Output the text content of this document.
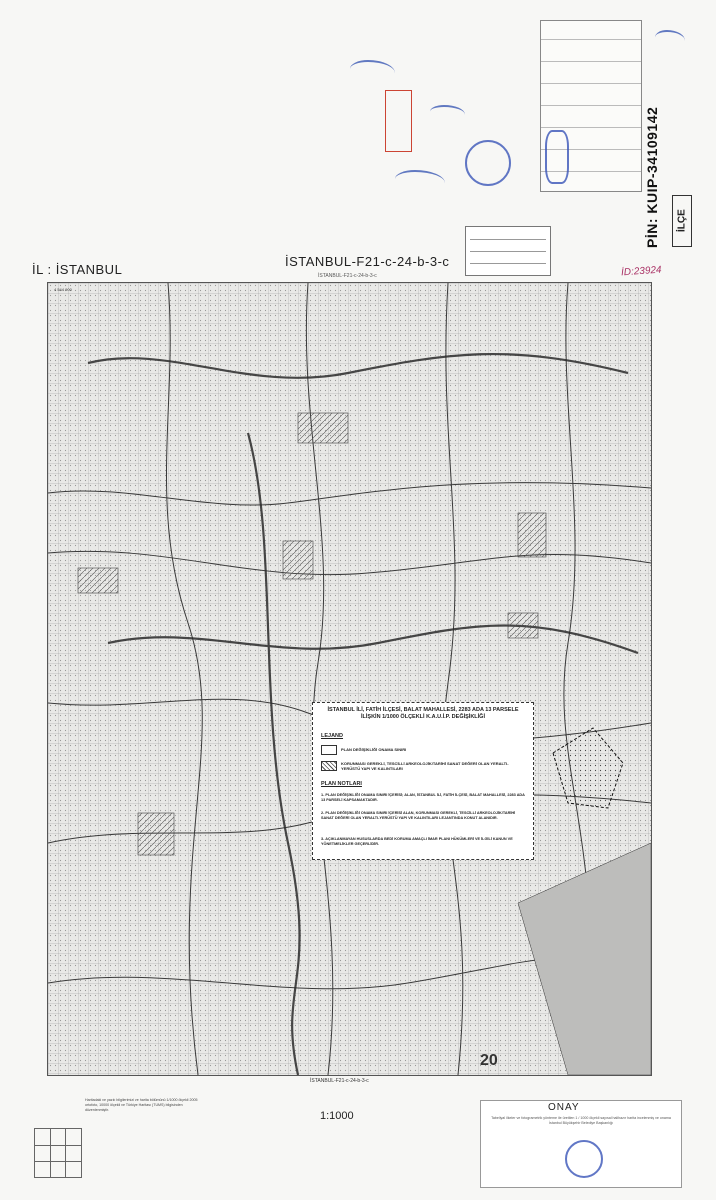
PİN: KUIP-34109142	İLÇE
İL : İSTANBUL
İSTANBUL-F21-c-24-b-3-c
İSTANBUL-F21-c-24-b-3-c	İD:23924
4 544 900
İSTANBUL İLİ, FATİH İLÇESİ, BALAT MAHALLESİ, 2283 ADA 13 PARSELE İLİŞKİN 1/1000 ÖLÇEKLİ K.A.U.İ.P. DEĞİŞİKLİĞİ
LEJAND
PLAN DEĞİŞİKLİĞİ ONAMA SINIRI
KORUNMASI GEREKLİ, TESCİLLİ ARKEOLOJİK/TARİHİ SANAT DEĞERİ OLAN YERALTI-YERÜSTÜ YAPI VE KALINTILARI
PLAN NOTLARI
1- PLAN DEĞİŞİKLİĞİ ONAMA SINIRI İÇERİSİ; ALAN, İSTANBUL İLİ, FATİH İLÇESİ, BALAT MAHALLESİ, 2283 ADA 13 PARSELİ KAPSAMAKTADIR.
2- PLAN DEĞİŞİKLİĞİ ONAMA SINIRI İÇERİSİ ALAN, KORUNMASI GEREKLİ, TESCİLLİ ARKEOLOJİK/TARİHİ SANAT DEĞERİ OLAN YERALTI-YERÜSTÜ YAPI VE KALINTILARI LEJANTINDA KONUT ALANIDIR.
3- AÇIKLANMAYAN HUSUSLARDA BEDİ KORUMA AMAÇLI İMAR PLANI HÜKÜMLERİ VE İLGİLİ KANUN VE YÖNETMELİKLER GEÇERLİDİR.
İSTANBUL-F21-c-24-b-3-c
1:1000
Haritadaki ve yazılı bilgilerimizi ve harita bölümünü 1/1000 ölçekli 2005 ortofoto, 10000 ölçekli ve Türkiye Haritası (TUMS) bilgisinden düzenlenmiştir.	ONAY
Tabeliyal ilkeler ve fotogrametrik yönteme ile üretilen 1 / 1000 ölçekli sayısal halihazır harita incelenmiş ve onama İstanbul Büyükşehir Belediye Başkanlığı
20
